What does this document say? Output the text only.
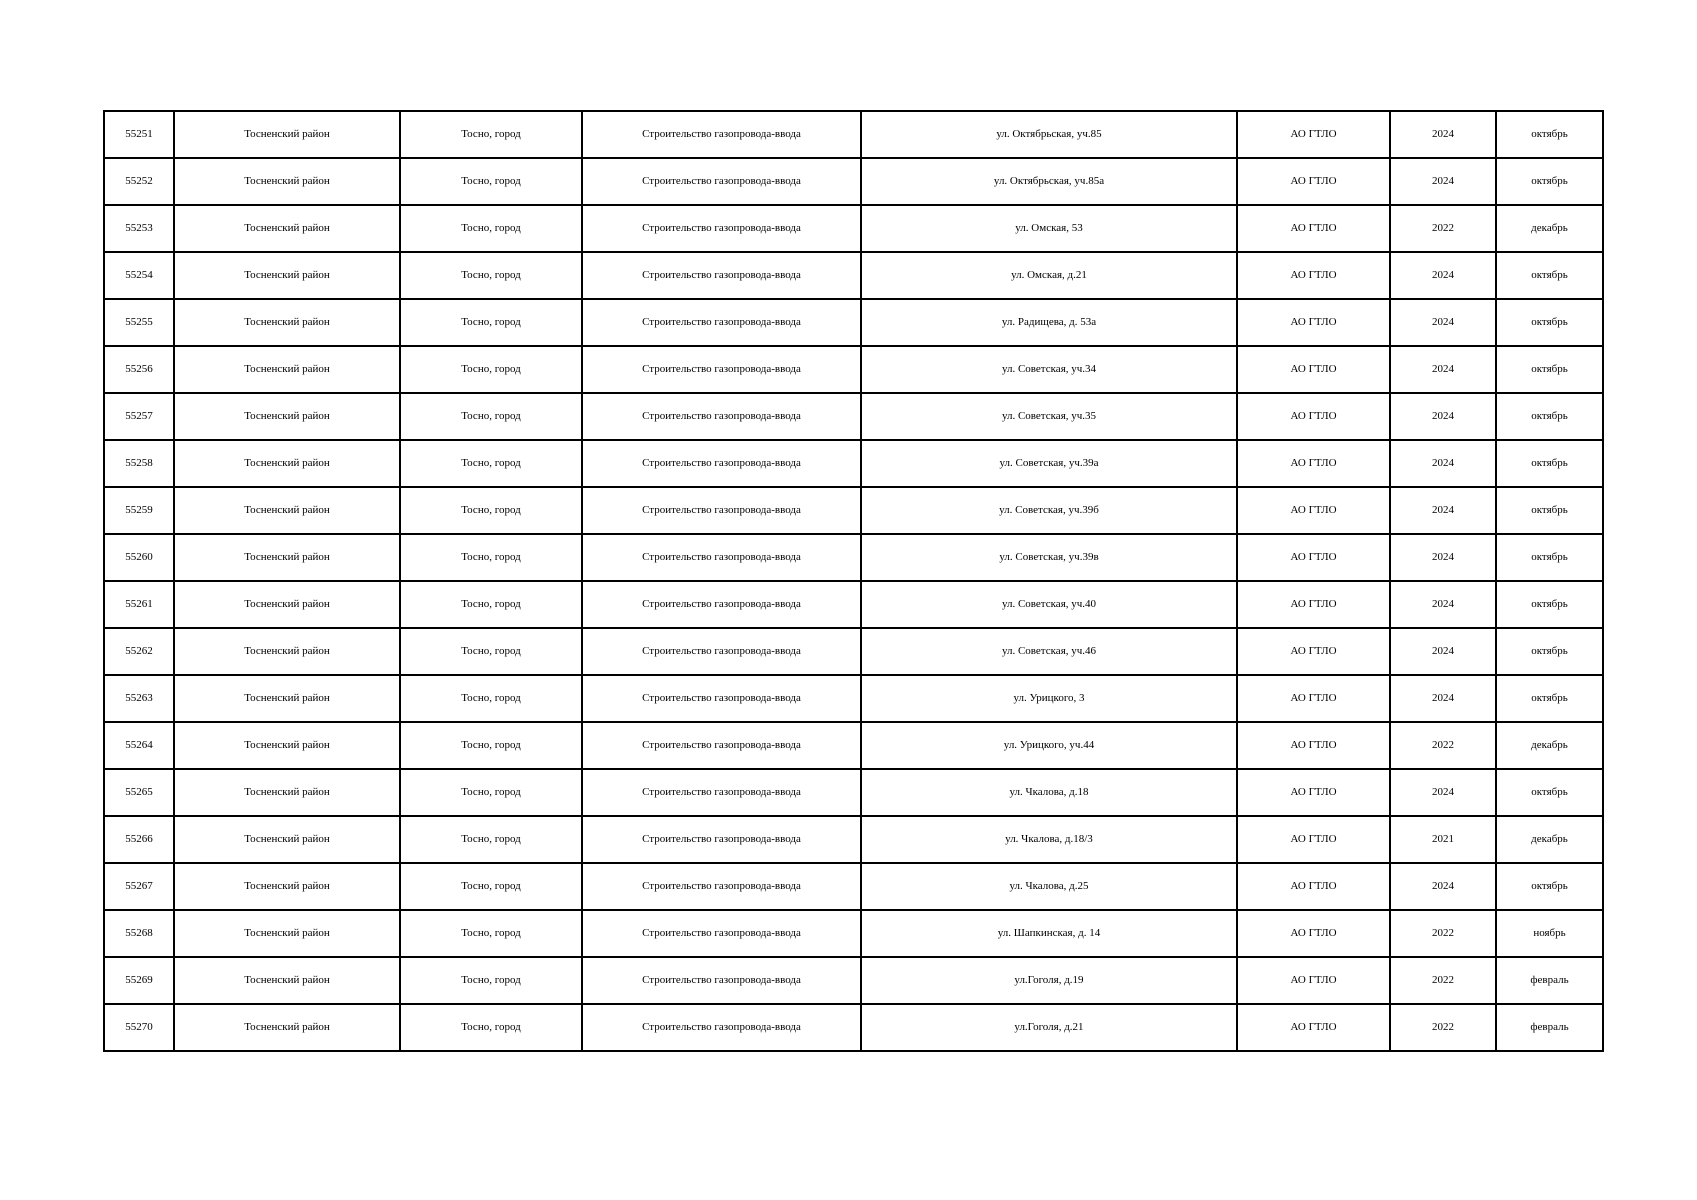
55251	Тосненский район	Тосно, город	Строительство газопровода-ввода	ул. Октябрьская, уч.85	АО ГТЛО	2024	октябрь
55252	Тосненский район	Тосно, город	Строительство газопровода-ввода	ул. Октябрьская, уч.85а	АО ГТЛО	2024	октябрь
55253	Тосненский район	Тосно, город	Строительство газопровода-ввода	ул. Омская, 53	АО ГТЛО	2022	декабрь
55254	Тосненский район	Тосно, город	Строительство газопровода-ввода	ул. Омская, д.21	АО ГТЛО	2024	октябрь
55255	Тосненский район	Тосно, город	Строительство газопровода-ввода	ул. Радищева, д. 53а	АО ГТЛО	2024	октябрь
55256	Тосненский район	Тосно, город	Строительство газопровода-ввода	ул. Советская, уч.34	АО ГТЛО	2024	октябрь
55257	Тосненский район	Тосно, город	Строительство газопровода-ввода	ул. Советская, уч.35	АО ГТЛО	2024	октябрь
55258	Тосненский район	Тосно, город	Строительство газопровода-ввода	ул. Советская, уч.39а	АО ГТЛО	2024	октябрь
55259	Тосненский район	Тосно, город	Строительство газопровода-ввода	ул. Советская, уч.39б	АО ГТЛО	2024	октябрь
55260	Тосненский район	Тосно, город	Строительство газопровода-ввода	ул. Советская, уч.39в	АО ГТЛО	2024	октябрь
55261	Тосненский район	Тосно, город	Строительство газопровода-ввода	ул. Советская, уч.40	АО ГТЛО	2024	октябрь
55262	Тосненский район	Тосно, город	Строительство газопровода-ввода	ул. Советская, уч.46	АО ГТЛО	2024	октябрь
55263	Тосненский район	Тосно, город	Строительство газопровода-ввода	ул. Урицкого, 3	АО ГТЛО	2024	октябрь
55264	Тосненский район	Тосно, город	Строительство газопровода-ввода	ул. Урицкого, уч.44	АО ГТЛО	2022	декабрь
55265	Тосненский район	Тосно, город	Строительство газопровода-ввода	ул. Чкалова, д.18	АО ГТЛО	2024	октябрь
55266	Тосненский район	Тосно, город	Строительство газопровода-ввода	ул. Чкалова, д.18/3	АО ГТЛО	2021	декабрь
55267	Тосненский район	Тосно, город	Строительство газопровода-ввода	ул. Чкалова, д.25	АО ГТЛО	2024	октябрь
55268	Тосненский район	Тосно, город	Строительство газопровода-ввода	ул. Шапкинская, д. 14	АО ГТЛО	2022	ноябрь
55269	Тосненский район	Тосно, город	Строительство газопровода-ввода	ул.Гоголя, д.19	АО ГТЛО	2022	февраль
55270	Тосненский район	Тосно, город	Строительство газопровода-ввода	ул.Гоголя, д.21	АО ГТЛО	2022	февраль
